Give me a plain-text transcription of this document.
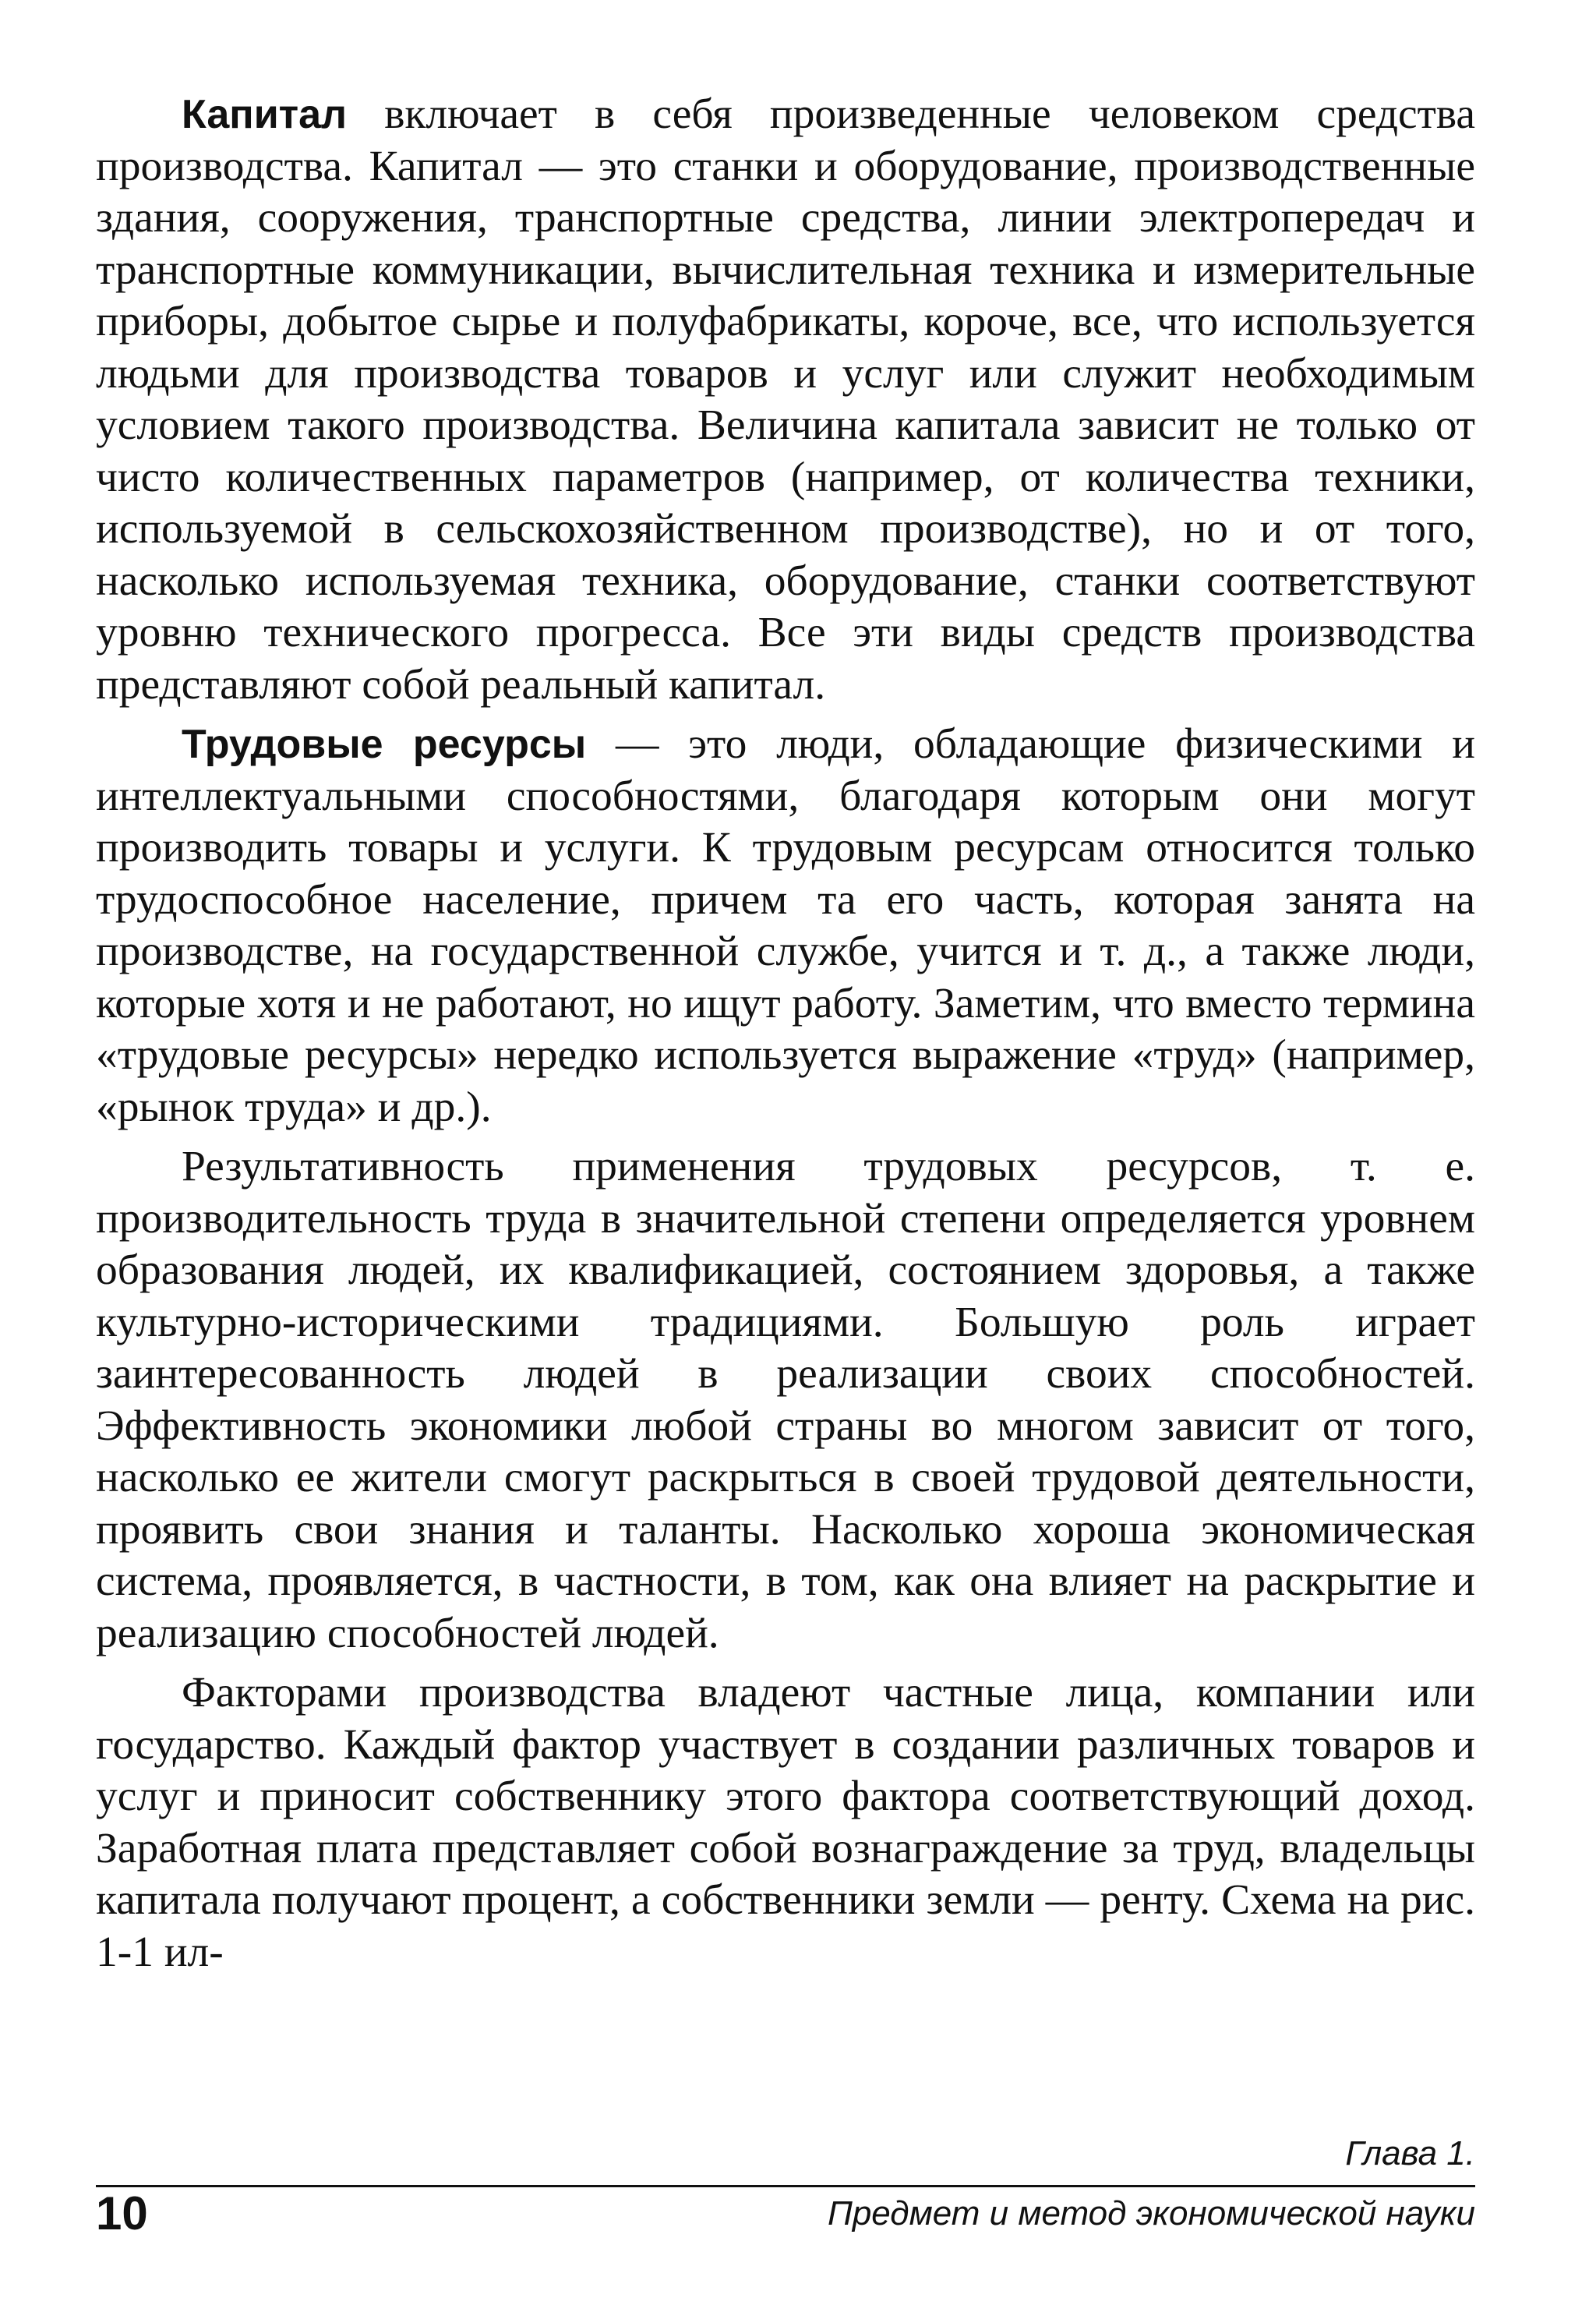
Капитал включает в себя произведенные человеком средства производства. Капитал — это станки и оборудование, производственные здания, сооружения, транспортные средства, линии электропередач и транспортные коммуникации, вычислительная техника и измерительные приборы, добытое сырье и полуфабрикаты, короче, все, что используется людьми для производства товаров и услуг или служит необходимым условием такого производства. Величина капитала зависит не только от чисто количественных параметров (например, от количества техники, используемой в сельскохозяйственном производстве), но и от того, насколько используемая техника, оборудование, станки соответствуют уровню технического прогресса. Все эти виды средств производства представляют собой реальный капитал.

Трудовые ресурсы — это люди, обладающие физическими и интеллектуальными способностями, благодаря которым они могут производить товары и услуги. К трудовым ресурсам относится только трудоспособное население, причем та его часть, которая занята на производстве, на государственной службе, учится и т. д., а также люди, которые хотя и не работают, но ищут работу. Заметим, что вместо термина «трудовые ресурсы» нередко используется выражение «труд» (например, «рынок труда» и др.).

Результативность применения трудовых ресурсов, т. е. производительность труда в значительной степени определяется уровнем образования людей, их квалификацией, состоянием здоровья, а также культурно-историческими традициями. Большую роль играет заинтересованность людей в реализации своих способностей. Эффективность экономики любой страны во многом зависит от того, насколько ее жители смогут раскрыться в своей трудовой деятельности, проявить свои знания и таланты. Насколько хороша экономическая система, проявляется, в частности, в том, как она влияет на раскрытие и реализацию способностей людей.

Факторами производства владеют частные лица, компании или государство. Каждый фактор участвует в создании различных товаров и услуг и приносит собственнику этого фактора соответствующий доход. Заработная плата представляет собой вознаграждение за труд, владельцы капитала получают процент, а собственники земли — ренту. Схема на рис. 1-1 ил-

Глава 1.
10	Предмет и метод экономической науки
